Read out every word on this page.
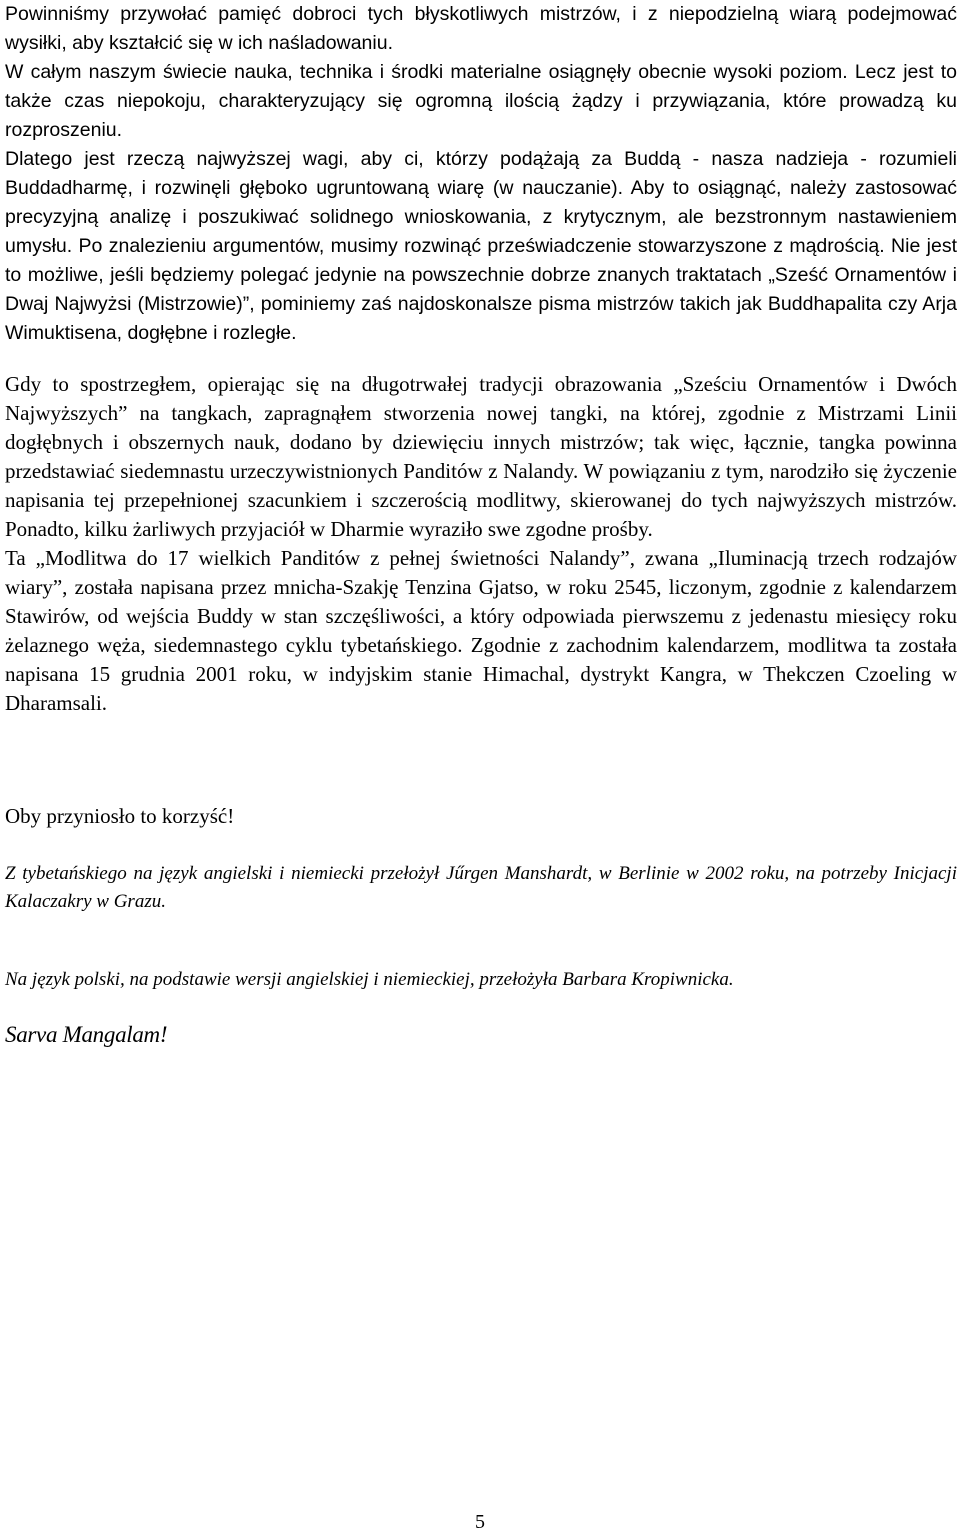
Powinniśmy przywołać pamięć dobroci tych błyskotliwych mistrzów, i z niepodzielną wiarą podejmować wysiłki, aby kształcić się w ich naśladowaniu.

W całym naszym świecie nauka, technika i środki materialne osiągnęły obecnie wysoki poziom. Lecz jest to także czas niepokoju, charakteryzujący się ogromną ilością żądzy i przywiązania, które prowadzą ku rozproszeniu.

Dlatego jest rzeczą najwyższej wagi, aby ci, którzy podążają za Buddą - nasza nadzieja - rozumieli Buddadharmę, i rozwinęli głęboko ugruntowaną wiarę (w nauczanie). Aby to osiągnąć, należy zastosować precyzyjną analizę i poszukiwać solidnego wnioskowania, z krytycznym, ale bezstronnym nastawieniem umysłu. Po znalezieniu argumentów, musimy rozwinąć przeświadczenie stowarzyszone z mądrością. Nie jest to możliwe, jeśli będziemy polegać jedynie na powszechnie dobrze znanych traktatach „Sześć Ornamentów i Dwaj Najwyżsi (Mistrzowie)”, pominiemy zaś najdoskonalsze pisma mistrzów takich jak Buddhapalita czy Arja Wimuktisena, dogłębne i rozległe.

Gdy to spostrzegłem, opierając się na długotrwałej tradycji obrazowania „Sześciu Ornamentów i Dwóch Najwyższych” na tangkach, zapragnąłem stworzenia nowej tangki, na której, zgodnie z Mistrzami Linii dogłębnych i obszernych nauk, dodano by dziewięciu innych mistrzów; tak więc, łącznie, tangka powinna przedstawiać siedemnastu urzeczywistnionych Panditów z Nalandy. W powiązaniu z tym, narodziło się życzenie napisania tej przepełnionej szacunkiem i szczerością modlitwy, skierowanej do tych najwyższych mistrzów. Ponadto, kilku żarliwych przyjaciół w Dharmie wyraziło swe zgodne prośby.

Ta „Modlitwa do 17 wielkich Panditów z pełnej świetności Nalandy”, zwana „Iluminacją trzech rodzajów wiary”, została napisana przez mnicha-Szakję Tenzina Gjatso, w roku 2545, liczonym, zgodnie z kalendarzem Stawirów, od wejścia Buddy w stan szczęśliwości, a który odpowiada pierwszemu z jedenastu miesięcy roku żelaznego węża, siedemnastego cyklu tybetańskiego. Zgodnie z zachodnim kalendarzem, modlitwa ta została napisana 15 grudnia 2001 roku, w indyjskim stanie Himachal, dystrykt Kangra, w Thekczen Czoeling w Dharamsali.

Oby przyniosło to korzyść!
Z tybetańskiego na język angielski i niemiecki przełożył Jűrgen Manshardt, w Berlinie w 2002 roku, na potrzeby Inicjacji Kalaczakry w Grazu.
Na język polski, na podstawie wersji angielskiej i niemieckiej, przełożyła Barbara Kropiwnicka.
Sarva Mangalam!
5
